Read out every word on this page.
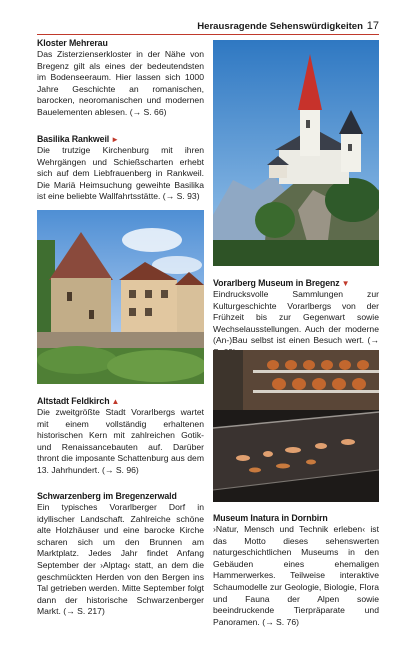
Herausragende Sehenswürdigkeiten 17
Kloster Mehrerau

Das Zisterzienserkloster in der Nähe von Bregenz gilt als eines der bedeutendsten im Bodenseeraum. Hier lassen sich 1000 Jahre Geschichte an romanischen, barocken, neoromanischen und modernen Bauelementen ablesen. (→ S. 66)

Basilika Rankweil ►

Die trutzige Kirchenburg mit ihren Wehrgängen und Schießscharten erhebt sich auf dem Liebfrauenberg in Rankweil. Die Mariä Heimsuchung geweihte Basilika ist eine beliebte Wallfahrtsstätte. (→ S. 93)

Altstadt Feldkirch ▲

Die zweitgrößte Stadt Vorarlbergs wartet mit einem vollständig erhaltenen historischen Kern mit zahlreichen Gotik- und Renaissancebauten auf. Darüber thront die imposante Schattenburg aus dem 13. Jahrhundert. (→ S. 96)

Schwarzenberg im Bregenzerwald

Ein typisches Vorarlberger Dorf in idyllischer Landschaft. Zahlreiche schöne alte Holzhäuser und eine barocke Kirche scharen sich um den Brunnen am Marktplatz. Jedes Jahr findet Anfang September der ›Alptag‹ statt, an dem die geschmückten Herden von den Bergen ins Tal getrieben werden. Mitte September folgt dann der historische Schwarzenberger Markt. (→ S. 217)

Vorarlberg Museum in Bregenz ▼

Eindrucksvolle Sammlungen zur Kulturgeschichte Vorarlbergs von der Frühzeit bis zur Gegenwart sowie Wechselausstellungen. Auch der moderne (An-)Bau selbst ist einen Besuch wert. (→

Museum Inatura in Dornbirn

›Natur, Mensch und Technik erleben‹ ist das Motto dieses sehenswerten naturgeschichtlichen Museums in den Gebäuden eines ehemaligen Hammerwerkes. Teilweise interaktive Schaumodelle zur Geologie, Biologie, Flora und Fauna der Alpen sowie beeindruckende Tierpräparate und Panoramen. (→ S. 76)
